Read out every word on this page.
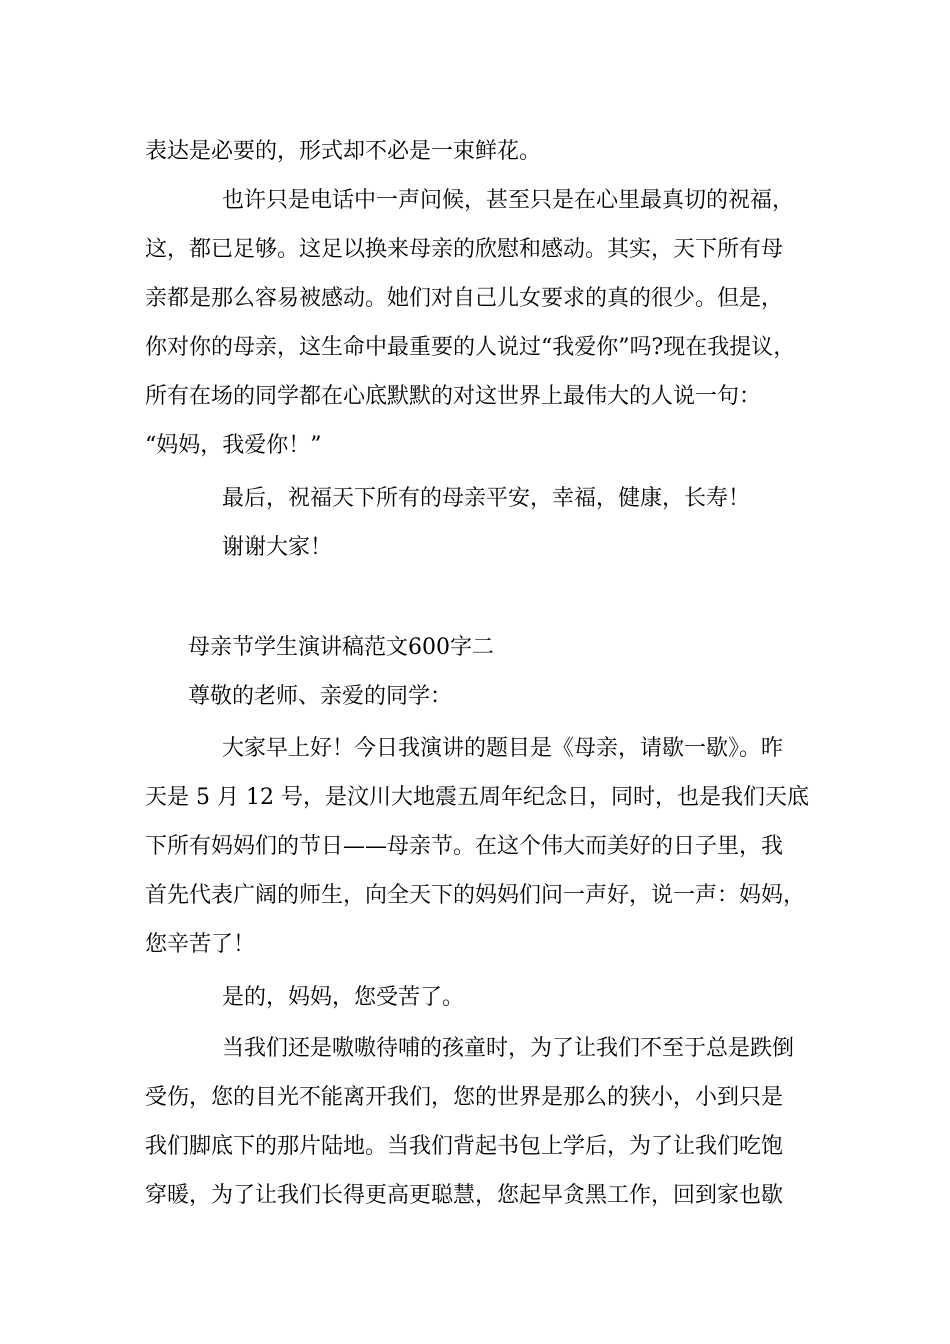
表达是必要的，形式却不必是一束鲜花。
也许只是电话中一声问候，甚至只是在心里最真切的祝福，
这，都已足够。这足以换来母亲的欣慰和感动。其实，天下所有母
亲都是那么容易被感动。她们对自己儿女要求的真的很少。但是，
你对你的母亲，这生命中最重要的人说过“我爱你”吗?现在我提议，
所有在场的同学都在心底默默的对这世界上最伟大的人说一句：
“妈妈，我爱你！”
最后，祝福天下所有的母亲平安，幸福，健康，长寿！
谢谢大家！
母亲节学生演讲稿范文600字二
尊敬的老师、亲爱的同学：
大家早上好！今日我演讲的题目是《母亲，请歇一歇》。昨
天是 5 月 12 号，是汶川大地震五周年纪念日，同时，也是我们天底
下所有妈妈们的节日——母亲节。在这个伟大而美好的日子里，我
首先代表广阔的师生，向全天下的妈妈们问一声好，说一声：妈妈，
您辛苦了！
是的，妈妈，您受苦了。
当我们还是嗷嗷待哺的孩童时，为了让我们不至于总是跌倒
受伤，您的目光不能离开我们，您的世界是那么的狭小，小到只是
我们脚底下的那片陆地。当我们背起书包上学后，为了让我们吃饱
穿暖，为了让我们长得更高更聪慧，您起早贪黑工作，回到家也歇
